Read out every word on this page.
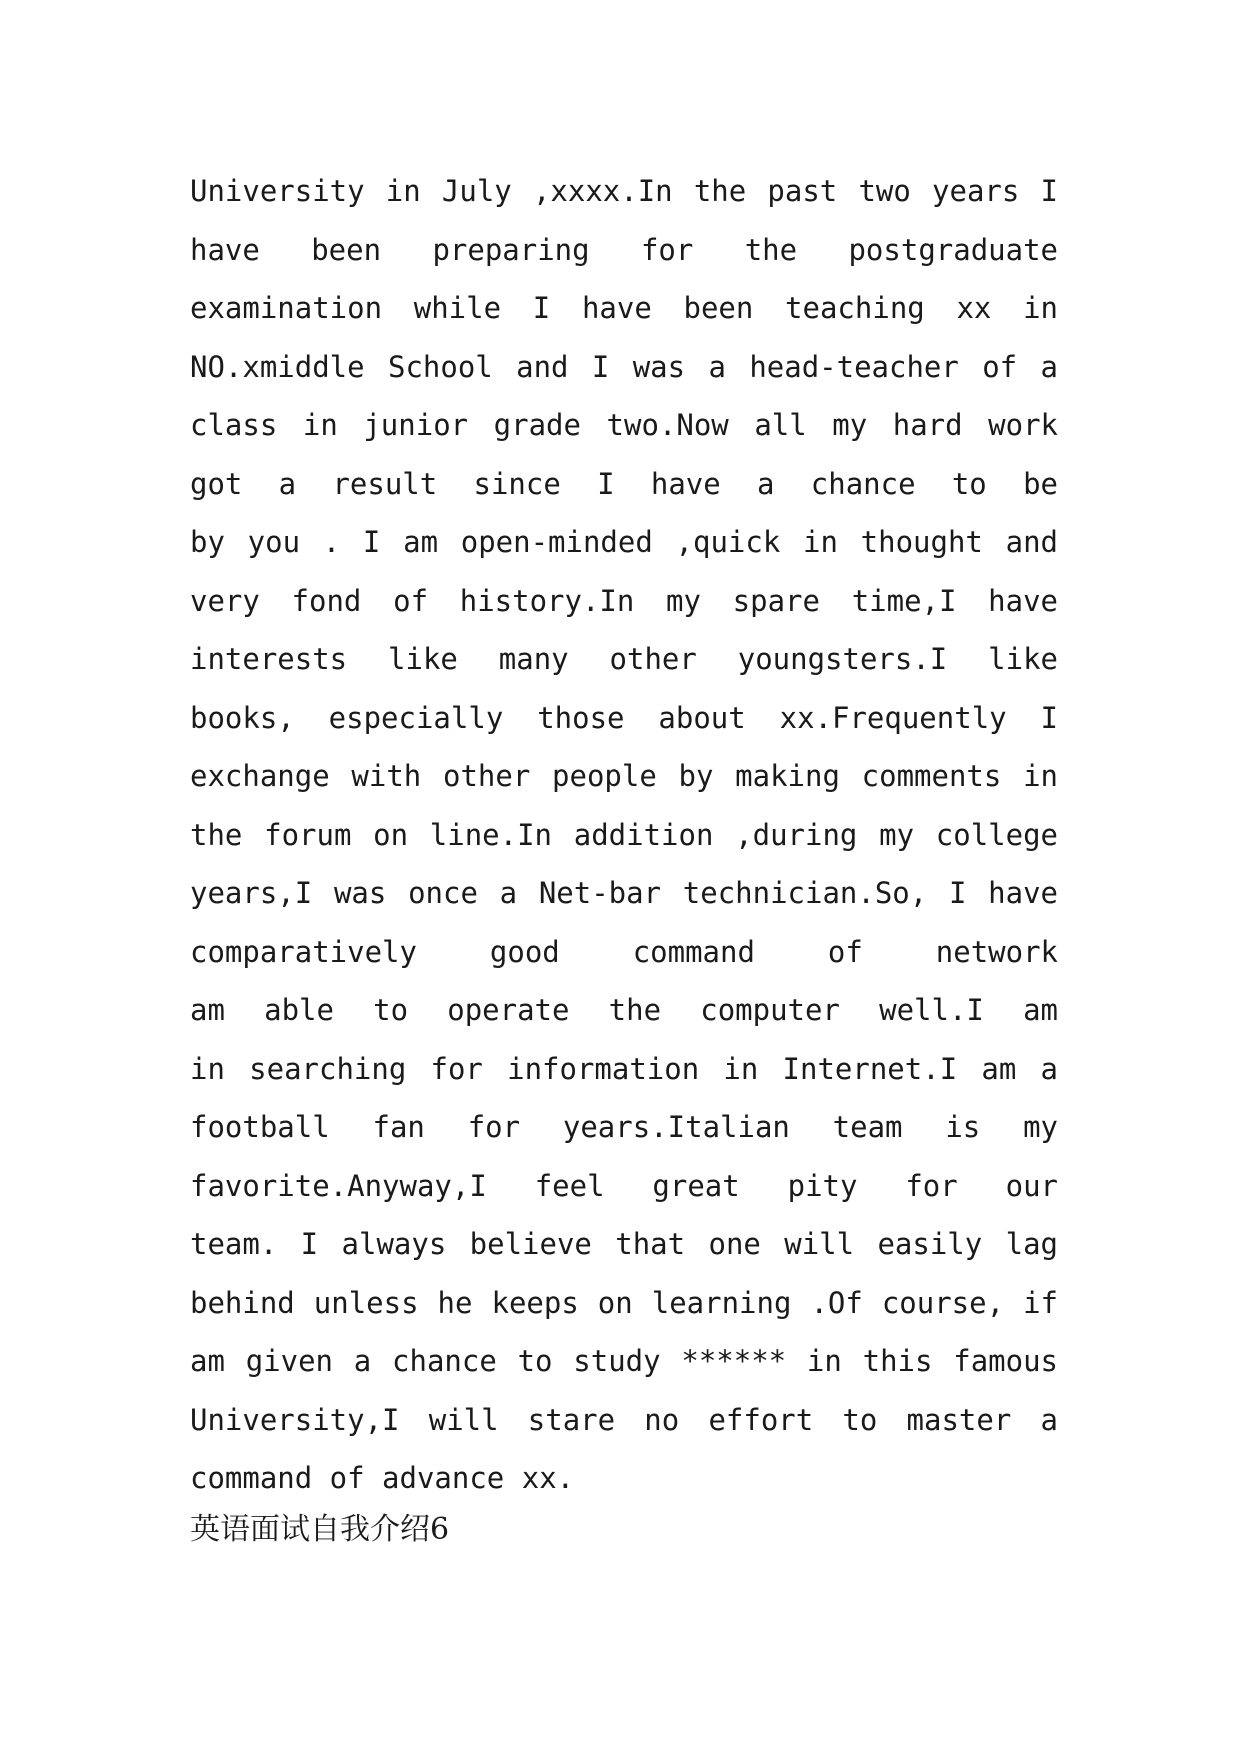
University in July ,xxxx.In the past two years I
have been preparing for the postgraduate
examination while I have been teaching xx in
NO.xmiddle School and I was a head-teacher of a
class in junior grade two.Now all my hard work
got a result since I have a chance to be
by you . I am open-minded ,quick in thought and
very fond of history.In my spare time,I have
interests like many other youngsters.I like
books, especially those about xx.Frequently I
exchange with other people by making comments in
the forum on line.In addition ,during my college
years,I was once a Net-bar technician.So, I have
comparatively good command of network
am able to operate the computer well.I am
in searching for information in Internet.I am a
football fan for years.Italian team is my
favorite.Anyway,I feel great pity for our
team. I always believe that one will easily lag
behind unless he keeps on learning .Of course, if
am given a chance to study ****** in this famous
University,I will stare no effort to master a
command of advance xx.
英语面试自我介绍6
